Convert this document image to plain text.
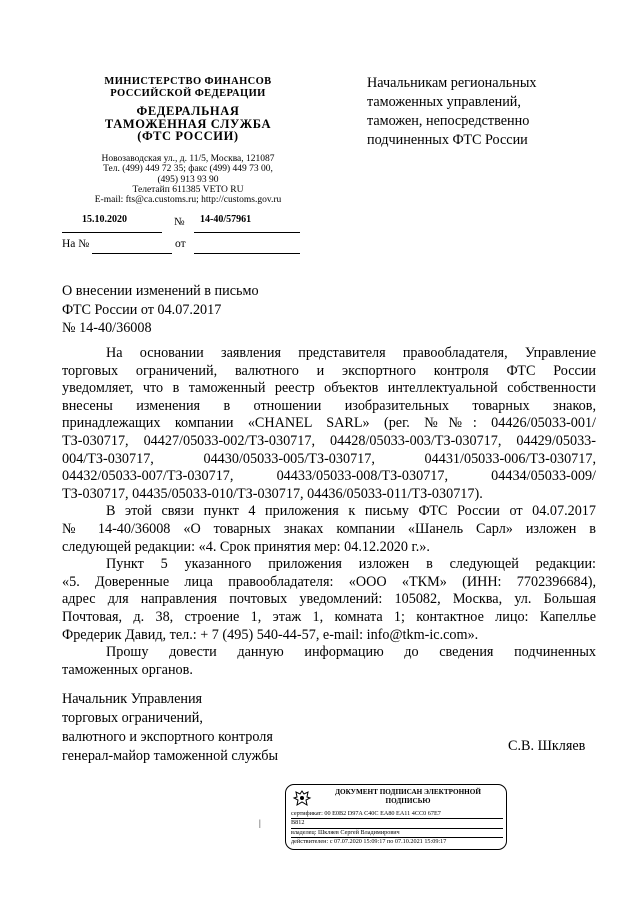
МИНИСТЕРСТВО ФИНАНСОВ
РОССИЙСКОЙ ФЕДЕРАЦИИ
ФЕДЕРАЛЬНАЯ
ТАМОЖЕННАЯ СЛУЖБА
(ФТС РОССИИ)
Новозаводская ул., д. 11/5, Москва, 121087
Тел. (499) 449 72 35; факс (499) 449 73 00,
(495) 913 93 90
Телетайп 611385 VETO RU
E-mail: fts@ca.customs.ru; http://customs.gov.ru
15.10.2020	№ 14-40/57961
На №	от
Начальникам региональных
таможенных управлений,
таможен, непосредственно
подчиненных ФТС России
О внесении изменений в письмо
ФТС России от 04.07.2017
№ 14-40/36008

На основании заявления представителя правообладателя, Управление
торговых ограничений, валютного и экспортного контроля ФТС России
уведомляет, что в таможенный реестр объектов интеллектуальной собственности
внесены изменения в отношении изобразительных товарных знаков,
принадлежащих компании «CHANEL SARL» (рег. №№: 04426/05033-001/
ТЗ-030717, 04427/05033-002/ТЗ-030717, 04428/05033-003/ТЗ-030717, 04429/05033-
004/ТЗ-030717, 04430/05033-005/ТЗ-030717, 04431/05033-006/ТЗ-030717,
04432/05033-007/ТЗ-030717, 04433/05033-008/ТЗ-030717, 04434/05033-009/
ТЗ-030717, 04435/05033-010/ТЗ-030717, 04436/05033-011/ТЗ-030717).

В этой связи пункт 4 приложения к письму ФТС России от 04.07.2017
№ 14-40/36008 «О товарных знаках компании «Шанель Сарл» изложен в
следующей редакции: «4. Срок принятия мер: 04.12.2020 г.».

Пункт 5 указанного приложения изложен в следующей редакции:
«5. Доверенные лица правообладателя: «ООО «ТКМ» (ИНН: 7702396684),
адрес для направления почтовых уведомлений: 105082, Москва, ул. Большая
Почтовая, д. 38, строение 1, этаж 1, комната 1; контактное лицо: Капеллье
Фредерик Давид, тел.: + 7 (495) 540-44-57, e-mail: info@tkm-ic.com».

Прошу довести данную информацию до сведения подчиненных
таможенных органов.

Начальник Управления
торговых ограничений,
валютного и экспортного контроля
генерал-майор таможенной службы
С.В. Шкляев
|
ДОКУМЕНТ ПОДПИСАН ЭЛЕКТРОННОЙ
ПОДПИСЬЮ
сертификат: 00 E0B2 D97A C40C EA80 EA11 4CC0 67E7
B812
владелец: Шкляев Сергей Владимирович
действителен: с 07.07.2020 15:09:17 по 07.10.2021 15:09:17
